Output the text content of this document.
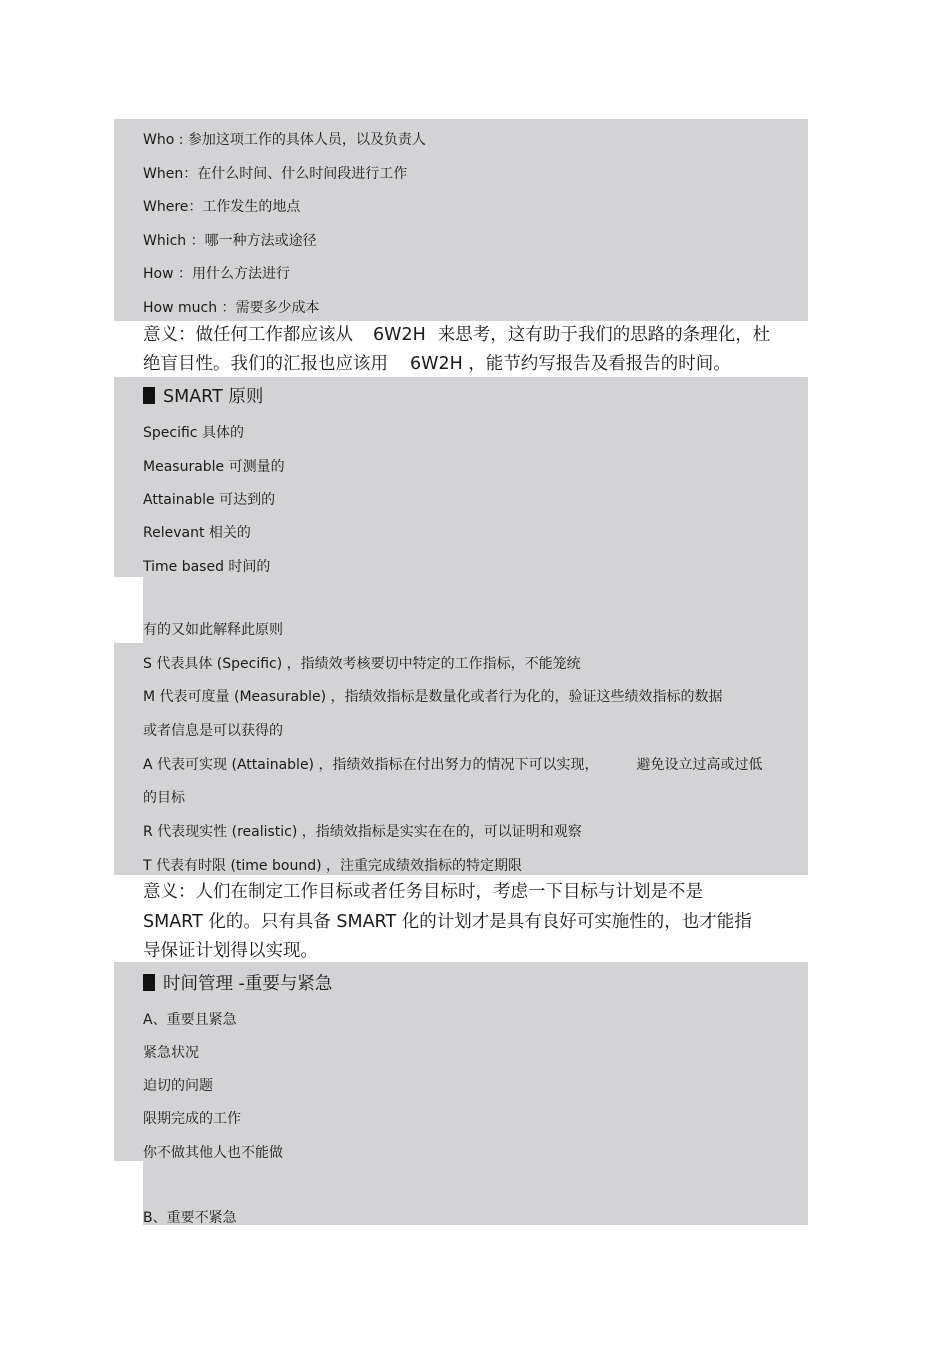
Who : 参加这项工作的具体人员，以及负责人
When：在什么时间、什么时间段进行工作
Where：工作发生的地点
Which ：哪一种方法或途径
How ：用什么方法进行
How much ：需要多少成本
意义：做任何工作都应该从 6W2H 来思考，这有助于我们的思路的条理化，杜
绝盲目性。我们的汇报也应该用 6W2H ，能节约写报告及看报告的时间。
SMART 原则
Specific 具体的
Measurable 可测量的
Attainable 可达到的
Relevant 相关的
Time based 时间的
有的又如此解释此原则
S 代表具体 (Specific) ，指绩效考核要切中特定的工作指标，不能笼统
M 代表可度量 (Measurable) ，指绩效指标是数量化或者行为化的，验证这些绩效指标的数据
或者信息是可以获得的
A 代表可实现 (Attainable) ，指绩效指标在付出努力的情况下可以实现，	避免设立过高或过低
的目标
R 代表现实性 (realistic) ，指绩效指标是实实在在的，可以证明和观察
T 代表有时限 (time bound) ，注重完成绩效指标的特定期限
意义：人们在制定工作目标或者任务目标时，考虑一下目标与计划是不是
SMART 化的。只有具备 SMART 化的计划才是具有良好可实施性的，也才能指
导保证计划得以实现。
时间管理 -重要与紧急
A、重要且紧急
紧急状况
迫切的问题
限期完成的工作
你不做其他人也不能做
B、重要不紧急
